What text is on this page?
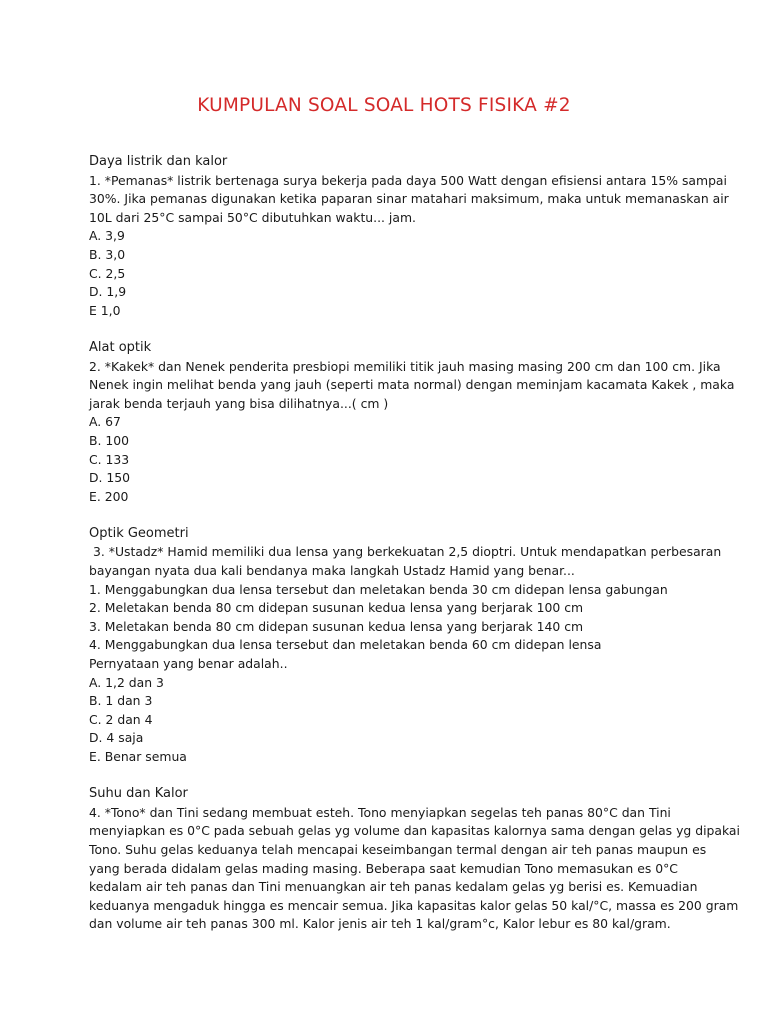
KUMPULAN SOAL SOAL HOTS FISIKA #2

Daya listrik dan kalor

1. *Pemanas* listrik bertenaga surya bekerja pada daya 500 Watt dengan efisiensi antara 15% sampai

30%. Jika pemanas digunakan ketika paparan sinar matahari maksimum, maka untuk memanaskan air

10L dari 25°C sampai 50°C dibutuhkan waktu... jam.

A. 3,9

B. 3,0

C. 2,5

D. 1,9

E 1,0

Alat optik

2. *Kakek* dan Nenek penderita presbiopi memiliki titik jauh masing masing 200 cm dan 100 cm. Jika

Nenek ingin melihat benda yang jauh (seperti mata normal) dengan meminjam kacamata Kakek , maka

jarak benda terjauh yang bisa dilihatnya...( cm )

A. 67

B. 100

C. 133

D. 150

E. 200

Optik Geometri

3. *Ustadz* Hamid memiliki dua lensa yang berkekuatan 2,5 dioptri. Untuk mendapatkan perbesaran

bayangan nyata dua kali bendanya maka langkah Ustadz Hamid yang benar...

1. Menggabungkan dua lensa tersebut dan meletakan benda 30 cm didepan lensa gabungan

2. Meletakan benda 80 cm didepan susunan kedua lensa yang berjarak 100 cm

3. Meletakan benda 80 cm didepan susunan kedua lensa yang berjarak 140 cm

4. Menggabungkan dua lensa tersebut dan meletakan benda 60 cm didepan lensa

Pernyataan yang benar adalah..

A. 1,2 dan 3

B. 1 dan 3

C. 2 dan 4

D. 4 saja

E. Benar semua

Suhu dan Kalor

4. *Tono* dan Tini sedang membuat esteh. Tono menyiapkan segelas teh panas 80°C dan Tini

menyiapkan es 0°C pada sebuah gelas yg volume dan kapasitas kalornya sama dengan gelas yg dipakai

Tono. Suhu gelas keduanya telah mencapai keseimbangan termal dengan air teh panas maupun es

yang berada didalam gelas mading masing. Beberapa saat kemudian Tono memasukan es 0°C

kedalam air teh panas dan Tini menuangkan air teh panas kedalam gelas yg berisi es. Kemuadian

keduanya mengaduk hingga es mencair semua. Jika kapasitas kalor gelas 50 kal/°C, massa es 200 gram

dan volume air teh panas 300 ml. Kalor jenis air teh 1 kal/gram°c, Kalor lebur es 80 kal/gram.
